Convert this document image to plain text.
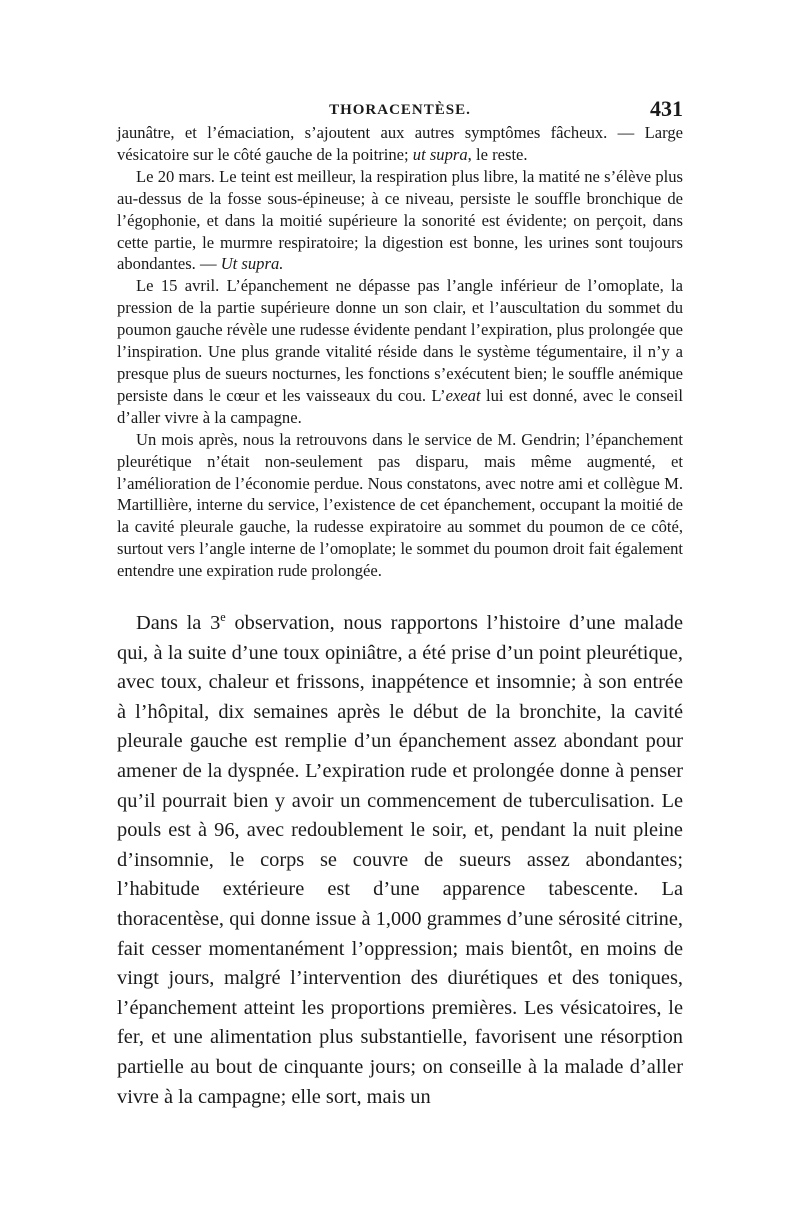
THORACENTÈSE.	431

jaunâtre, et l’émaciation, s’ajoutent aux autres symptômes fâcheux. — Large vésicatoire sur le côté gauche de la poitrine; ut supra, le reste.

Le 20 mars. Le teint est meilleur, la respiration plus libre, la matité ne s’élève plus au-dessus de la fosse sous-épineuse; à ce niveau, persiste le souffle bronchique de l’égophonie, et dans la moitié supérieure la sonorité est évidente; on perçoit, dans cette partie, le murmre respiratoire; la digestion est bonne, les urines sont toujours abondantes. — Ut supra.

Le 15 avril. L’épanchement ne dépasse pas l’angle inférieur de l’omoplate, la pression de la partie supérieure donne un son clair, et l’auscultation du sommet du poumon gauche révèle une rudesse évidente pendant l’expiration, plus prolongée que l’inspiration. Une plus grande vitalité réside dans le système tégumentaire, il n’y a presque plus de sueurs nocturnes, les fonctions s’exécutent bien; le souffle anémique persiste dans le cœur et les vaisseaux du cou. L’exeat lui est donné, avec le conseil d’aller vivre à la campagne.

Un mois après, nous la retrouvons dans le service de M. Gendrin; l’épanchement pleurétique n’était non-seulement pas disparu, mais même augmenté, et l’amélioration de l’économie perdue. Nous constatons, avec notre ami et collègue M. Martillière, interne du service, l’existence de cet épanchement, occupant la moitié de la cavité pleurale gauche, la rudesse expiratoire au sommet du poumon de ce côté, surtout vers l’angle interne de l’omoplate; le sommet du poumon droit fait également entendre une expiration rude prolongée.

Dans la 3e observation, nous rapportons l’histoire d’une malade qui, à la suite d’une toux opiniâtre, a été prise d’un point pleurétique, avec toux, chaleur et frissons, inappétence et insomnie; à son entrée à l’hôpital, dix semaines après le début de la bronchite, la cavité pleurale gauche est remplie d’un épanchement assez abondant pour amener de la dyspnée. L’expiration rude et prolongée donne à penser qu’il pourrait bien y avoir un commencement de tuberculisation. Le pouls est à 96, avec redoublement le soir, et, pendant la nuit pleine d’insomnie, le corps se couvre de sueurs assez abondantes; l’habitude extérieure est d’une apparence tabescente. La thoracentèse, qui donne issue à 1,000 grammes d’une sérosité citrine, fait cesser momentanément l’oppression; mais bientôt, en moins de vingt jours, malgré l’intervention des diurétiques et des toniques, l’épanchement atteint les proportions premières. Les vésicatoires, le fer, et une alimentation plus substantielle, favorisent une résorption partielle au bout de cinquante jours; on conseille à la malade d’aller vivre à la campagne; elle sort, mais un
